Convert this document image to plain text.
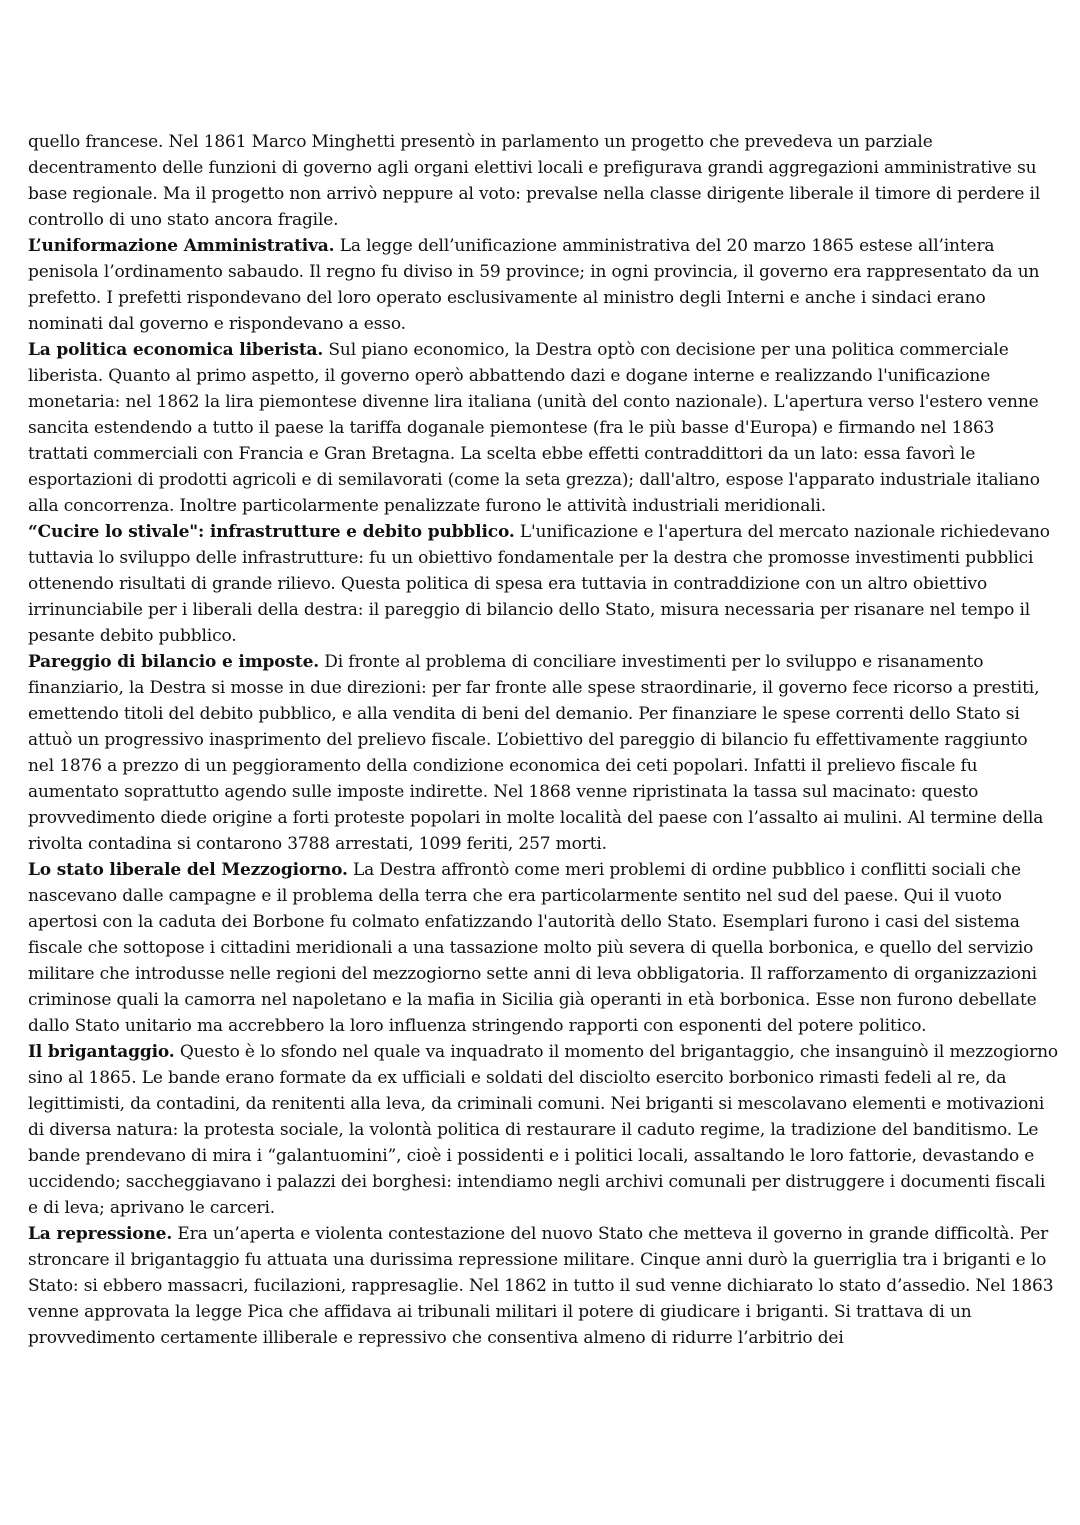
quello francese. Nel 1861 Marco Minghetti presentò in parlamento un progetto che prevedeva un parziale decentramento delle funzioni di governo agli organi elettivi locali e prefigurava grandi aggregazioni amministrative su base regionale. Ma il progetto non arrivò neppure al voto: prevalse nella classe dirigente liberale il timore di perdere il controllo di uno stato ancora fragile.

L’uniformazione Amministrativa. La legge dell’unificazione amministrativa del 20 marzo 1865 estese all’intera penisola l’ordinamento sabaudo. Il regno fu diviso in 59 province; in ogni provincia, il governo era rappresentato da un prefetto. I prefetti rispondevano del loro operato esclusivamente al ministro degli Interni e anche i sindaci erano nominati dal governo e rispondevano a esso.

La politica economica liberista. Sul piano economico, la Destra optò con decisione per una politica commerciale liberista. Quanto al primo aspetto, il governo operò abbattendo dazi e dogane interne e realizzando l'unificazione monetaria: nel 1862 la lira piemontese divenne lira italiana (unità del conto nazionale). L'apertura verso l'estero venne sancita estendendo a tutto il paese la tariffa doganale piemontese (fra le più basse d'Europa) e firmando nel 1863 trattati commerciali con Francia e Gran Bretagna. La scelta ebbe effetti contraddittori da un lato: essa favorì le esportazioni di prodotti agricoli e di semilavorati (come la seta grezza); dall'altro, espose l'apparato industriale italiano alla concorrenza. Inoltre particolarmente penalizzate furono le attività industriali meridionali.

“Cucire lo stivale": infrastrutture e debito pubblico. L'unificazione e l'apertura del mercato nazionale richiedevano tuttavia lo sviluppo delle infrastrutture: fu un obiettivo fondamentale per la destra che promosse investimenti pubblici ottenendo risultati di grande rilievo. Questa politica di spesa era tuttavia in contraddizione con un altro obiettivo irrinunciabile per i liberali della destra: il pareggio di bilancio dello Stato, misura necessaria per risanare nel tempo il pesante debito pubblico.

Pareggio di bilancio e imposte. Di fronte al problema di conciliare investimenti per lo sviluppo e risanamento finanziario, la Destra si mosse in due direzioni: per far fronte alle spese straordinarie, il governo fece ricorso a prestiti, emettendo titoli del debito pubblico, e alla vendita di beni del demanio. Per finanziare le spese correnti dello Stato si attuò un progressivo inasprimento del prelievo fiscale. L’obiettivo del pareggio di bilancio fu effettivamente raggiunto nel 1876 a prezzo di un peggioramento della condizione economica dei ceti popolari. Infatti il prelievo fiscale fu aumentato soprattutto agendo sulle imposte indirette. Nel 1868 venne ripristinata la tassa sul macinato: questo provvedimento diede origine a forti proteste popolari in molte località del paese con l’assalto ai mulini. Al termine della rivolta contadina si contarono 3788 arrestati, 1099 feriti, 257 morti.

Lo stato liberale del Mezzogiorno. La Destra affrontò come meri problemi di ordine pubblico i conflitti sociali che nascevano dalle campagne e il problema della terra che era particolarmente sentito nel sud del paese. Qui il vuoto apertosi con la caduta dei Borbone fu colmato enfatizzando l'autorità dello Stato. Esemplari furono i casi del sistema fiscale che sottopose i cittadini meridionali a una tassazione molto più severa di quella borbonica, e quello del servizio militare che introdusse nelle regioni del mezzogiorno sette anni di leva obbligatoria. Il rafforzamento di organizzazioni criminose quali la camorra nel napoletano e la mafia in Sicilia già operanti in età borbonica. Esse non furono debellate dallo Stato unitario ma accrebbero la loro influenza stringendo rapporti con esponenti del potere politico.

Il brigantaggio. Questo è lo sfondo nel quale va inquadrato il momento del brigantaggio, che insanguinò il mezzogiorno sino al 1865. Le bande erano formate da ex ufficiali e soldati del disciolto esercito borbonico rimasti fedeli al re, da legittimisti, da contadini, da renitenti alla leva, da criminali comuni. Nei briganti si mescolavano elementi e motivazioni di diversa natura: la protesta sociale, la volontà politica di restaurare il caduto regime, la tradizione del banditismo. Le bande prendevano di mira i “galantuomini”, cioè i possidenti e i politici locali, assaltando le loro fattorie, devastando e uccidendo; saccheggiavano i palazzi dei borghesi: intendiamo negli archivi comunali per distruggere i documenti fiscali e di leva; aprivano le carceri.

La repressione. Era un’aperta e violenta contestazione del nuovo Stato che metteva il governo in grande difficoltà. Per stroncare il brigantaggio fu attuata una durissima repressione militare. Cinque anni durò la guerriglia tra i briganti e lo Stato: si ebbero massacri, fucilazioni, rappresaglie. Nel 1862 in tutto il sud venne dichiarato lo stato d’assedio. Nel 1863 venne approvata la legge Pica che affidava ai tribunali militari il potere di giudicare i briganti. Si trattava di un provvedimento certamente illiberale e repressivo che consentiva almeno di ridurre l’arbitrio dei
